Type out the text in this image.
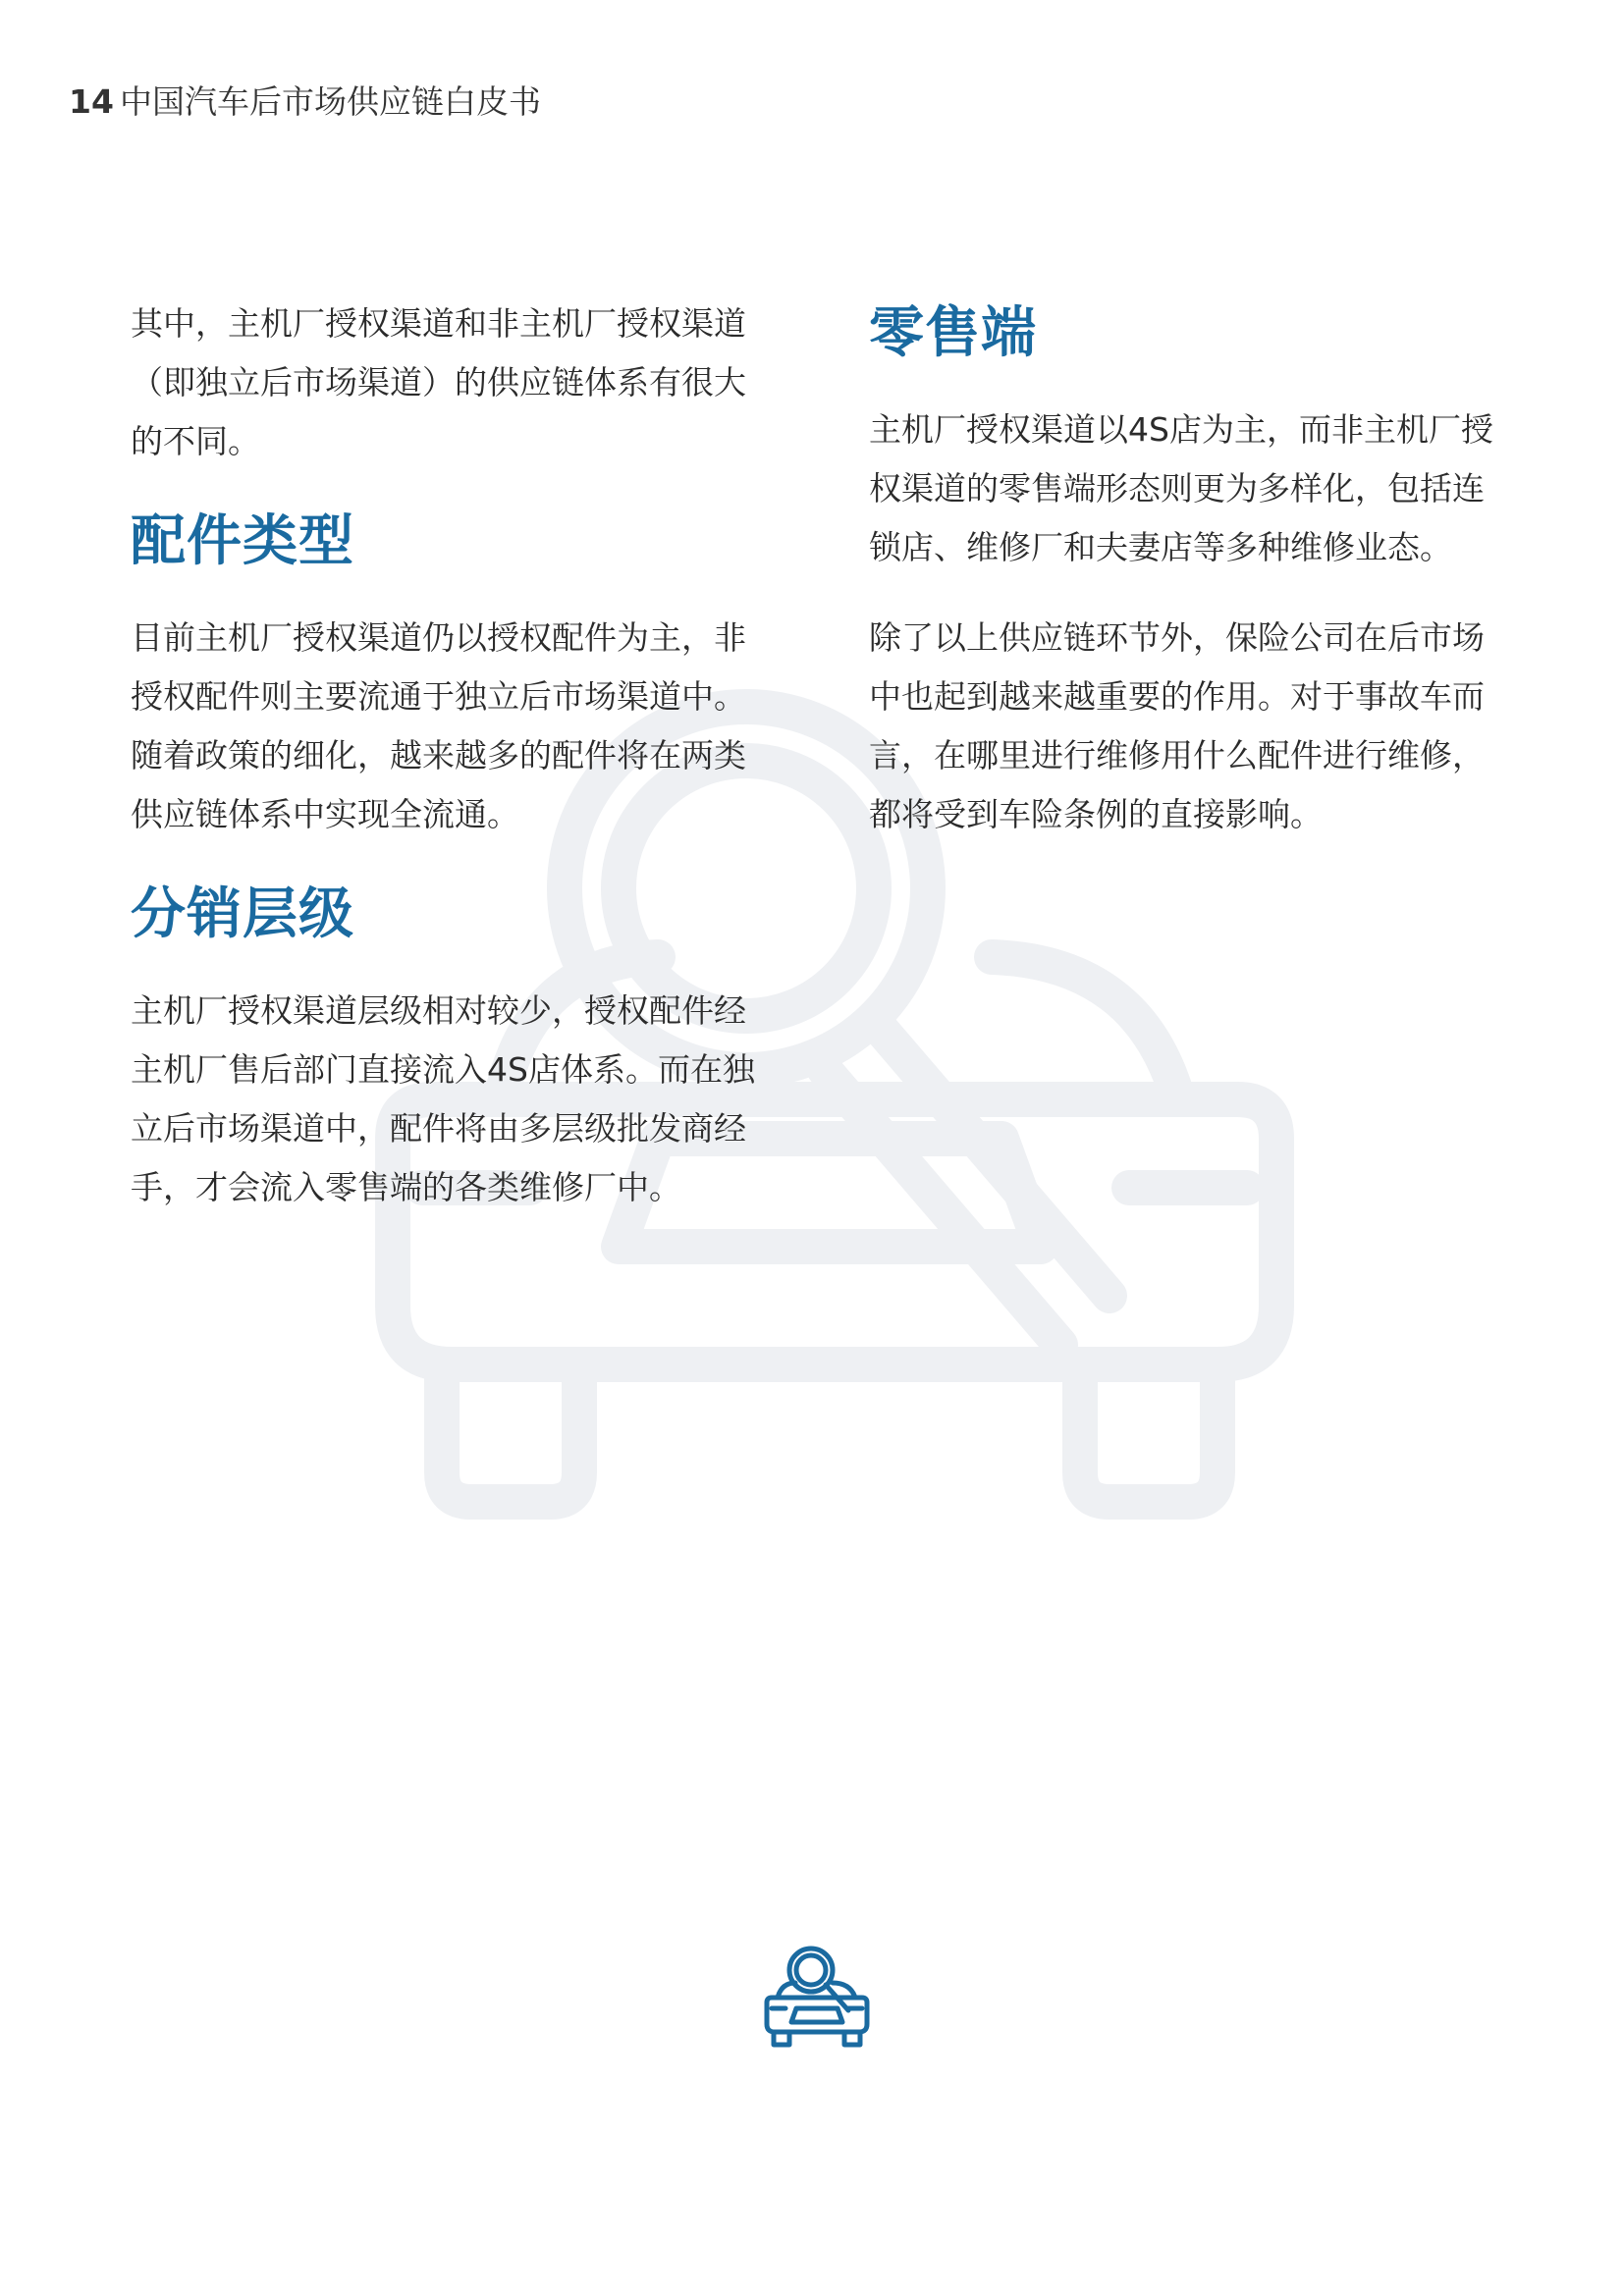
14 中国汽车后市场供应链白皮书

其中，主机厂授权渠道和非主机厂授权渠道（即独立后市场渠道）的供应链体系有很大的不同。

配件类型

目前主机厂授权渠道仍以授权配件为主，非授权配件则主要流通于独立后市场渠道中。随着政策的细化，越来越多的配件将在两类供应链体系中实现全流通。

分销层级

主机厂授权渠道层级相对较少，授权配件经主机厂售后部门直接流入4S店体系。而在独立后市场渠道中，配件将由多层级批发商经手，才会流入零售端的各类维修厂中。

零售端

主机厂授权渠道以4S店为主，而非主机厂授权渠道的零售端形态则更为多样化，包括连锁店、维修厂和夫妻店等多种维修业态。

除了以上供应链环节外，保险公司在后市场中也起到越来越重要的作用。对于事故车而言，在哪里进行维修用什么配件进行维修，都将受到车险条例的直接影响。
